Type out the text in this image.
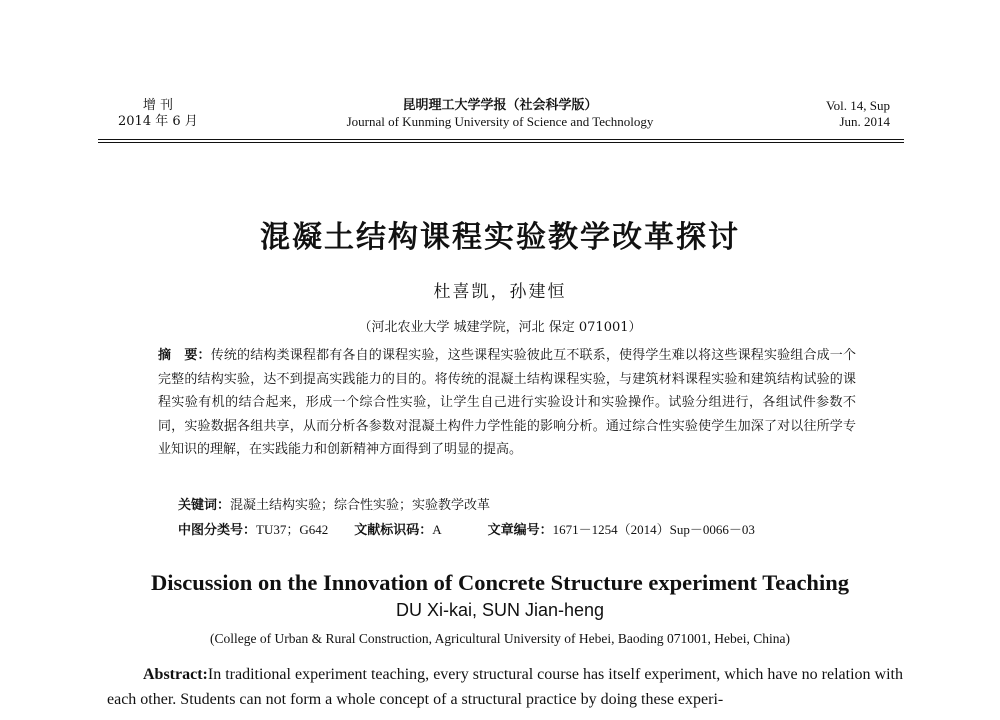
增 刊
2014 年 6 月
昆明理工大学学报（社会科学版）
Journal of Kunming University of Science and Technology
Vol. 14, Sup
Jun. 2014
混凝土结构课程实验教学改革探讨
杜喜凯，孙建恒
（河北农业大学 城建学院，河北 保定 071001）
摘　要：传统的结构类课程都有各自的课程实验，这些课程实验彼此互不联系，使得学生难以将这些课程实验组合成一个完整的结构实验，达不到提高实践能力的目的。将传统的混凝土结构课程实验，与建筑材料课程实验和建筑结构试验的课程实验有机的结合起来，形成一个综合性实验，让学生自己进行实验设计和实验操作。试验分组进行，各组试件参数不同，实验数据各组共享，从而分析各参数对混凝土构件力学性能的影响分析。通过综合性实验使学生加深了对以往所学专业知识的理解，在实践能力和创新精神方面得到了明显的提高。
关键词：混凝土结构实验；综合性实验；实验教学改革
中图分类号：TU37；G642 文献标识码：A	文章编号：1671－1254（2014）Sup－0066－03
Discussion on the Innovation of Concrete Structure experiment Teaching
DU Xi-kai, SUN Jian-heng
(College of Urban & Rural Construction, Agricultural University of Hebei, Baoding 071001, Hebei, China)
Abstract:In traditional experiment teaching, every structural course has itself experiment, which have no relation with each other. Students can not form a whole concept of a structural practice by doing these experi-
